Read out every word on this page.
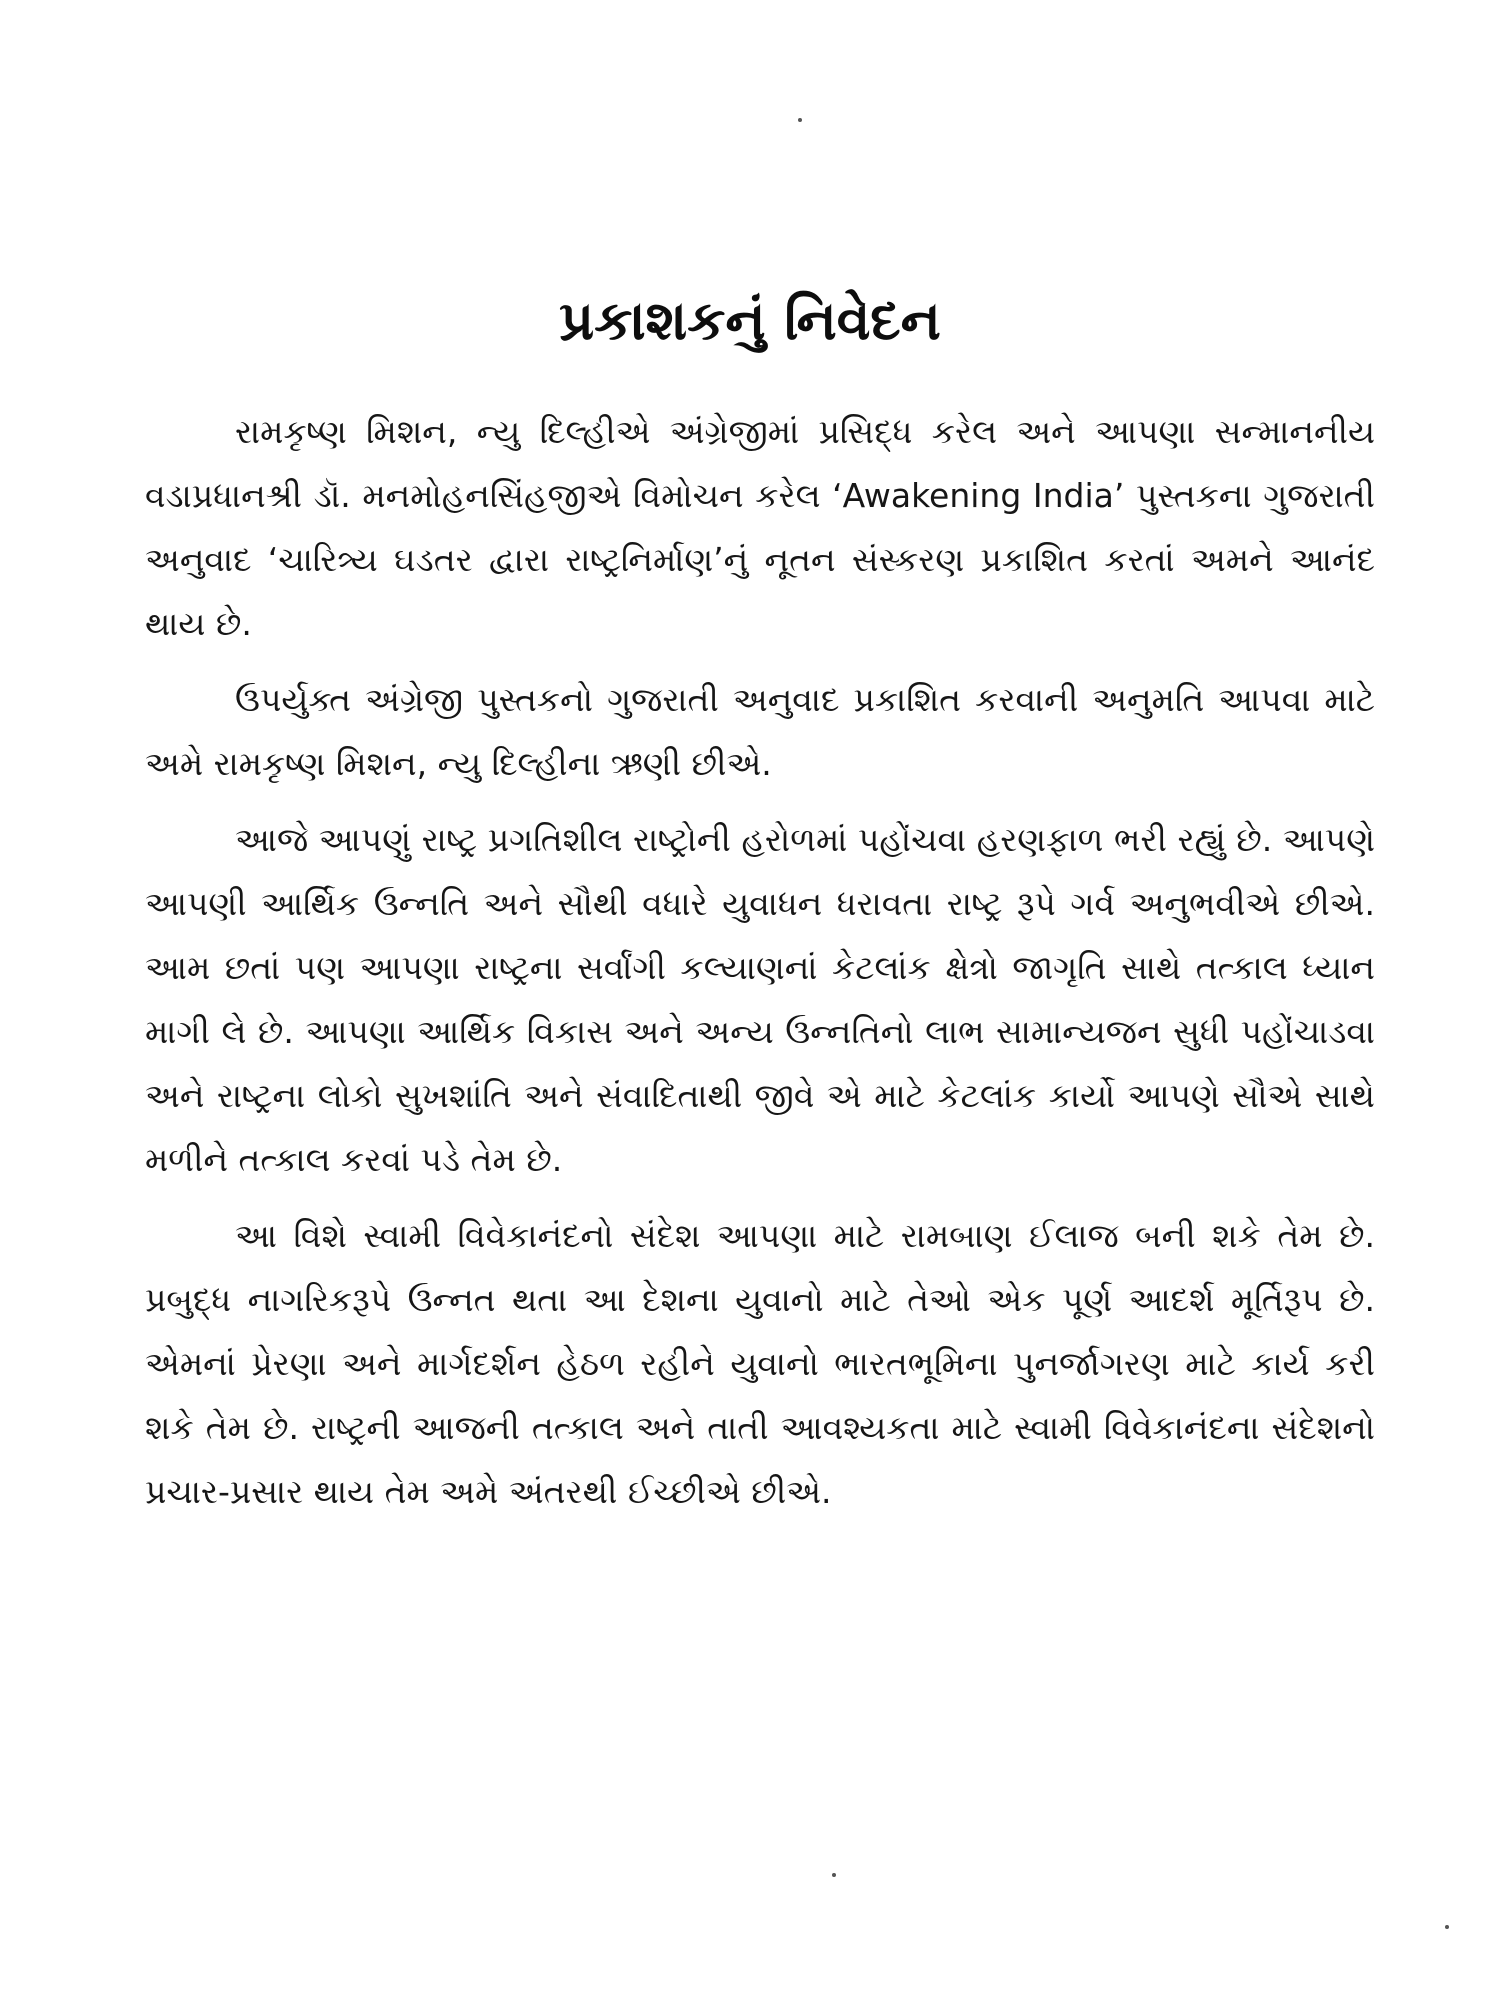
પ્રકાશકનું નિવેદન

રામકૃષ્ણ મિશન, ન્યુ દિલ્હીએ અંગ્રેજીમાં પ્રસિદ્ધ કરેલ અને આપણા સન્માનનીય વડાપ્રધાનશ્રી ડૉ. મનમોહનસિંહજીએ વિમોચન કરેલ ‘Awakening India’ પુસ્તકના ગુજરાતી અનુવાદ ‘ચારિત્ર્ય ઘડતર દ્વારા રાષ્ટ્રનિર્માણ’નું નૂતન સંસ્કરણ પ્રકાશિત કરતાં અમને આનંદ થાય છે.

ઉપર્યુક્ત અંગ્રેજી પુસ્તકનો ગુજરાતી અનુવાદ પ્રકાશિત કરવાની અનુમતિ આપવા માટે અમે રામકૃષ્ણ મિશન, ન્યુ દિલ્હીના ઋણી છીએ.

આજે આપણું રાષ્ટ્ર પ્રગતિશીલ રાષ્ટ્રોની હરોળમાં પહોંચવા હરણફાળ ભરી રહ્યું છે. આપણે આપણી આર્થિક ઉન્નતિ અને સૌથી વધારે યુવાધન ધરાવતા રાષ્ટ્ર રૂપે ગર્વ અનુભવીએ છીએ. આમ છતાં પણ આપણા રાષ્ટ્રના સર્વાંગી કલ્યાણનાં કેટલાંક ક્ષેત્રો જાગૃતિ સાથે તત્કાલ ધ્યાન માગી લે છે. આપણા આર્થિક વિકાસ અને અન્ય ઉન્નતિનો લાભ સામાન્યજન સુધી પહોંચાડવા અને રાષ્ટ્રના લોકો સુખશાંતિ અને સંવાદિતાથી જીવે એ માટે કેટલાંક કાર્યો આપણે સૌએ સાથે મળીને તત્કાલ કરવાં પડે તેમ છે.

આ વિશે સ્વામી વિવેકાનંદનો સંદેશ આપણા માટે રામબાણ ઈલાજ બની શકે તેમ છે. પ્રબુદ્ધ નાગરિકરૂપે ઉન્નત થતા આ દેશના યુવાનો માટે તેઓ એક પૂર્ણ આદર્શ મૂર્તિરૂપ છે. એમનાં પ્રેરણા અને માર્ગદર્શન હેઠળ રહીને યુવાનો ભારતભૂમિના પુનર્જાગરણ માટે કાર્ય કરી શકે તેમ છે. રાષ્ટ્રની આજની તત્કાલ અને તાતી આવશ્યકતા માટે સ્વામી વિવેકાનંદના સંદેશનો પ્રચાર-પ્રસાર થાય તેમ અમે અંતરથી ઈચ્છીએ છીએ.
